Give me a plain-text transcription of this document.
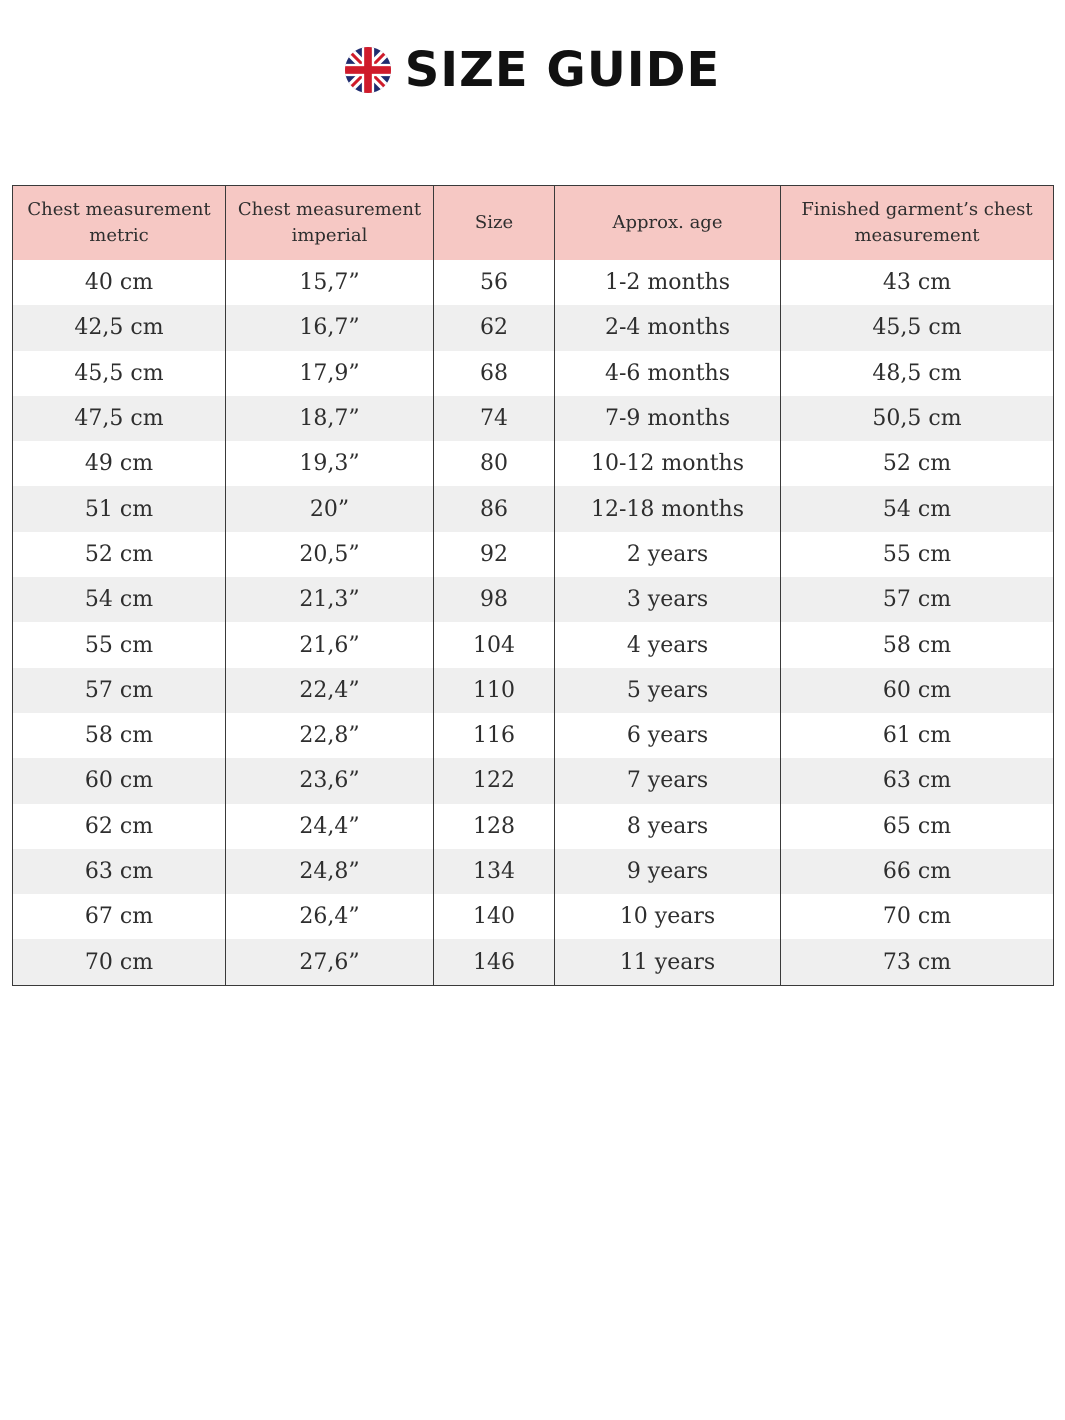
SIZE GUIDE
Chest measurement metric	Chest measurement imperial	Size	Approx. age	Finished garment’s chest measurement
40 cm	15,7”	56	1-2 months	43 cm
42,5 cm	16,7”	62	2-4 months	45,5 cm
45,5 cm	17,9”	68	4-6 months	48,5 cm
47,5 cm	18,7”	74	7-9 months	50,5 cm
49 cm	19,3”	80	10-12 months	52 cm
51 cm	20”	86	12-18 months	54 cm
52 cm	20,5”	92	2 years	55 cm
54 cm	21,3”	98	3 years	57 cm
55 cm	21,6”	104	4 years	58 cm
57 cm	22,4”	110	5 years	60 cm
58 cm	22,8”	116	6 years	61 cm
60 cm	23,6”	122	7 years	63 cm
62 cm	24,4”	128	8 years	65 cm
63 cm	24,8”	134	9 years	66 cm
67 cm	26,4”	140	10 years	70 cm
70 cm	27,6”	146	11 years	73 cm
